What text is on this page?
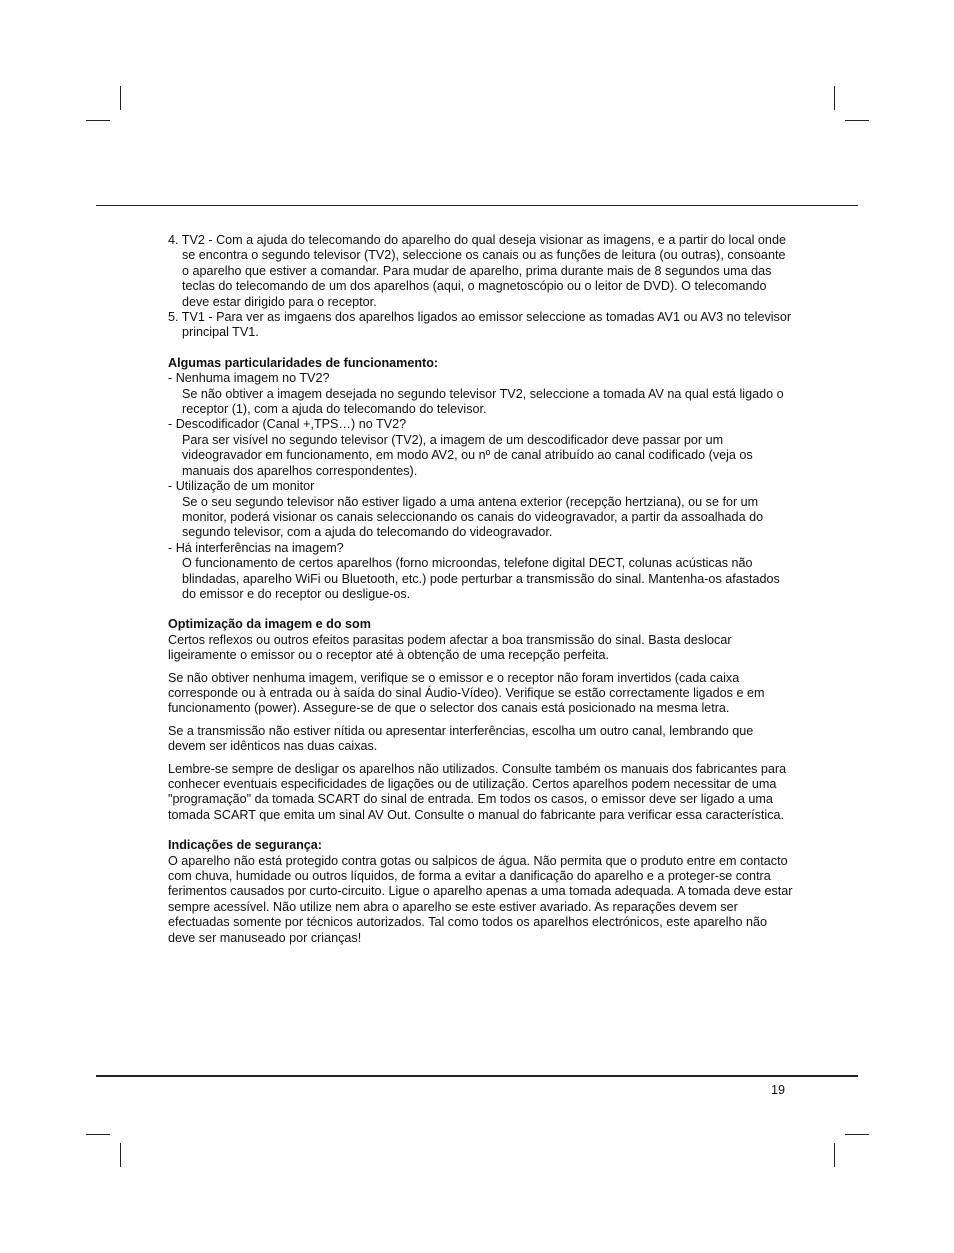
4. TV2 - Com a ajuda do telecomando do aparelho do qual deseja visionar as imagens, e a partir do local onde se encontra o segundo televisor (TV2), seleccione os canais ou as funções de leitura (ou outras), consoante o aparelho que estiver a comandar. Para mudar de aparelho, prima durante mais de 8 segundos uma das teclas do telecomando de um dos aparelhos (aqui, o magnetoscópio ou o leitor de DVD). O telecomando deve estar dirigido para o receptor.

5. TV1 - Para ver as imgaens dos aparelhos ligados ao emissor seleccione as tomadas AV1 ou AV3 no televisor principal TV1.

Algumas particularidades de funcionamento:

- Nenhuma imagem no TV2?

Se não obtiver a imagem desejada no segundo televisor TV2, seleccione a tomada AV na qual está ligado o receptor (1), com a ajuda do telecomando do televisor.

- Descodificador (Canal +,TPS…) no TV2?

Para ser visível no segundo televisor (TV2), a imagem de um descodificador deve passar por um videogravador em funcionamento, em modo AV2, ou nº de canal atribuído ao canal codificado (veja os manuais dos aparelhos correspondentes).

- Utilização de um monitor

Se o seu segundo televisor não estiver ligado a uma antena exterior (recepção hertziana), ou se for um monitor, poderá visionar os canais seleccionando os canais do videogravador, a partir da assoalhada do segundo televisor, com a ajuda do telecomando do videogravador.

- Há interferências na imagem?

O funcionamento de certos aparelhos (forno microondas, telefone digital DECT, colunas acústicas não blindadas, aparelho WiFi ou Bluetooth, etc.) pode perturbar a transmissão do sinal. Mantenha-os afastados do emissor e do receptor ou desligue-os.

Optimização da imagem e do som

Certos reflexos ou outros efeitos parasitas podem afectar a boa transmissão do sinal. Basta deslocar ligeiramente o emissor ou o receptor até à obtenção de uma recepção perfeita.

Se não obtiver nenhuma imagem, verifique se o emissor e o receptor não foram invertidos (cada caixa corresponde ou à entrada ou à saída do sinal Áudio-Vídeo). Verifique se estão correctamente ligados e em funcionamento (power). Assegure-se de que o selector dos canais está posicionado na mesma letra.

Se a transmissão não estiver nítida ou apresentar interferências, escolha um outro canal, lembrando que devem ser idênticos nas duas caixas.

Lembre-se sempre de desligar os aparelhos não utilizados. Consulte também os manuais dos fabricantes para conhecer eventuais especificidades de ligações ou de utilização. Certos aparelhos podem necessitar de uma "programação" da tomada SCART do sinal de entrada. Em todos os casos, o emissor deve ser ligado a uma tomada SCART que emita um sinal AV Out. Consulte o manual do fabricante para verificar essa característica.

Indicações de segurança:

O aparelho não está protegido contra gotas ou salpicos de água. Não permita que o produto entre em contacto com chuva, humidade ou outros líquidos, de forma a evitar a danificação do aparelho e a proteger-se contra ferimentos causados por curto-circuito. Ligue o aparelho apenas a uma tomada adequada. A tomada deve estar sempre acessível. Não utilize nem abra o aparelho se este estiver avariado. As reparações devem ser efectuadas somente por técnicos autorizados. Tal como todos os aparelhos electrónicos, este aparelho não deve ser manuseado por crianças!

19
